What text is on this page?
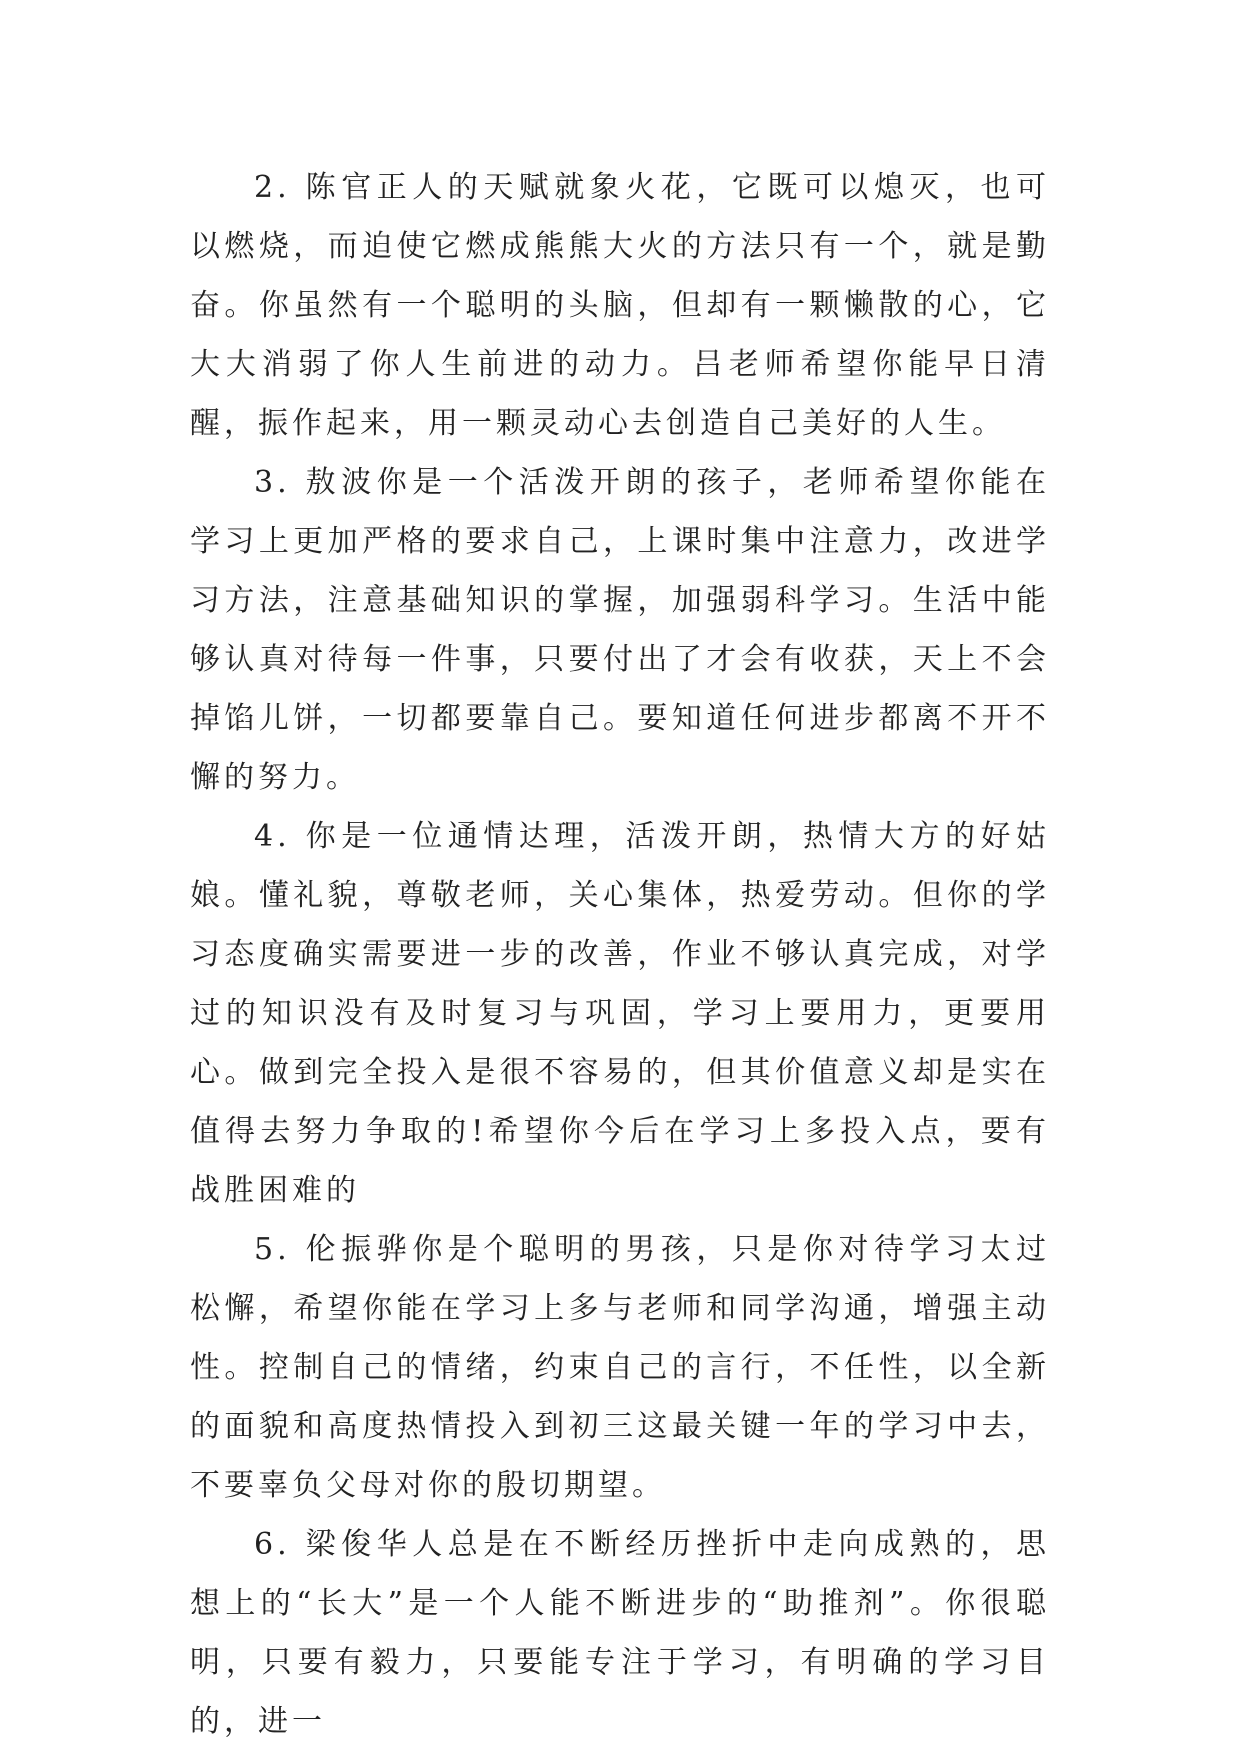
2. 陈官正人的天赋就象火花，它既可以熄灭，也可以燃烧，而迫使它燃成熊熊大火的方法只有一个，就是勤奋。你虽然有一个聪明的头脑，但却有一颗懒散的心，它大大消弱了你人生前进的动力。吕老师希望你能早日清醒，振作起来，用一颗灵动心去创造自己美好的人生。

3. 敖波你是一个活泼开朗的孩子，老师希望你能在学习上更加严格的要求自己，上课时集中注意力，改进学习方法，注意基础知识的掌握，加强弱科学习。生活中能够认真对待每一件事，只要付出了才会有收获，天上不会掉馅儿饼，一切都要靠自己。要知道任何进步都离不开不懈的努力。

4. 你是一位通情达理，活泼开朗，热情大方的好姑娘。懂礼貌，尊敬老师，关心集体，热爱劳动。但你的学习态度确实需要进一步的改善，作业不够认真完成，对学过的知识没有及时复习与巩固，学习上要用力，更要用心。做到完全投入是很不容易的，但其价值意义却是实在值得去努力争取的!希望你今后在学习上多投入点，要有战胜困难的

5. 伦振骅你是个聪明的男孩，只是你对待学习太过松懈，希望你能在学习上多与老师和同学沟通，增强主动性。控制自己的情绪，约束自己的言行，不任性，以全新的面貌和高度热情投入到初三这最关键一年的学习中去，不要辜负父母对你的殷切期望。

6. 梁俊华人总是在不断经历挫折中走向成熟的，思想上的“长大”是一个人能不断进步的“助推剂”。你很聪明，只要有毅力，只要能专注于学习，有明确的学习目的，进一
